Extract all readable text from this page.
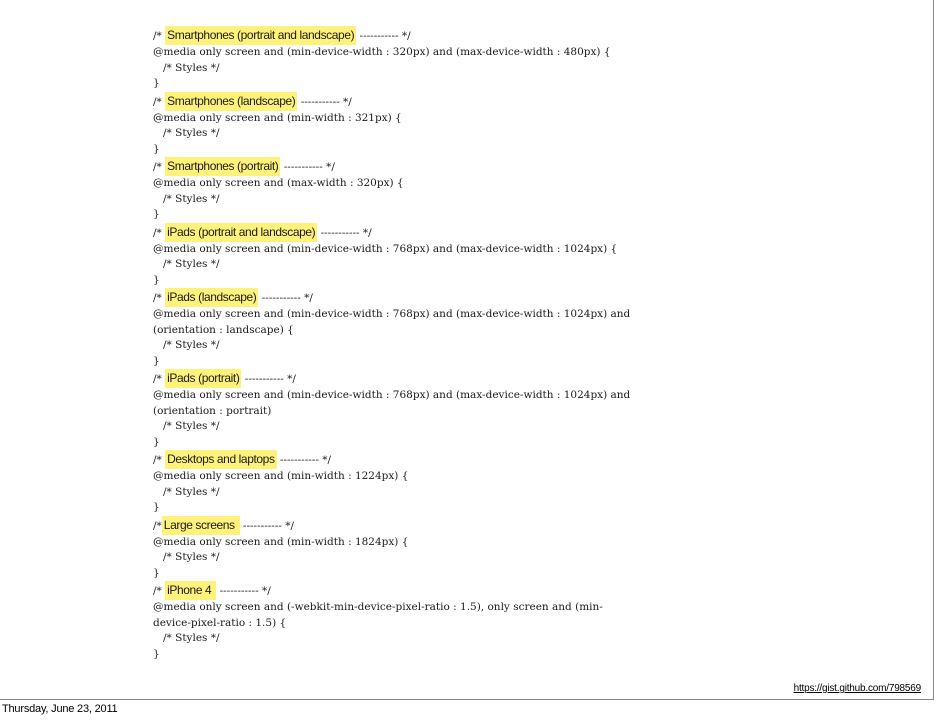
/* Smartphones (portrait and landscape) ----------- */
@media only screen and (min-device-width : 320px) and (max-device-width : 480px) {
/* Styles */
}
/* Smartphones (landscape) ----------- */
@media only screen and (min-width : 321px) {
/* Styles */
}
/* Smartphones (portrait) ----------- */
@media only screen and (max-width : 320px) {
/* Styles */
}
/* iPads (portrait and landscape) ----------- */
@media only screen and (min-device-width : 768px) and (max-device-width : 1024px) {
/* Styles */
}
/* iPads (landscape) ----------- */
@media only screen and (min-device-width : 768px) and (max-device-width : 1024px) and
(orientation : landscape) {
/* Styles */
}
/* iPads (portrait) ----------- */
@media only screen and (min-device-width : 768px) and (max-device-width : 1024px) and
(orientation : portrait)
/* Styles */
}
/* Desktops and laptops ----------- */
@media only screen and (min-width : 1224px) {
/* Styles */
}
/* Large screens  ----------- */
@media only screen and (min-width : 1824px) {
/* Styles */
}
/* iPhone 4  ----------- */
@media only screen and (-webkit-min-device-pixel-ratio : 1.5), only screen and (min-
device-pixel-ratio : 1.5) {
/* Styles */
}
https://gist.github.com/798569
Thursday, June 23, 2011
